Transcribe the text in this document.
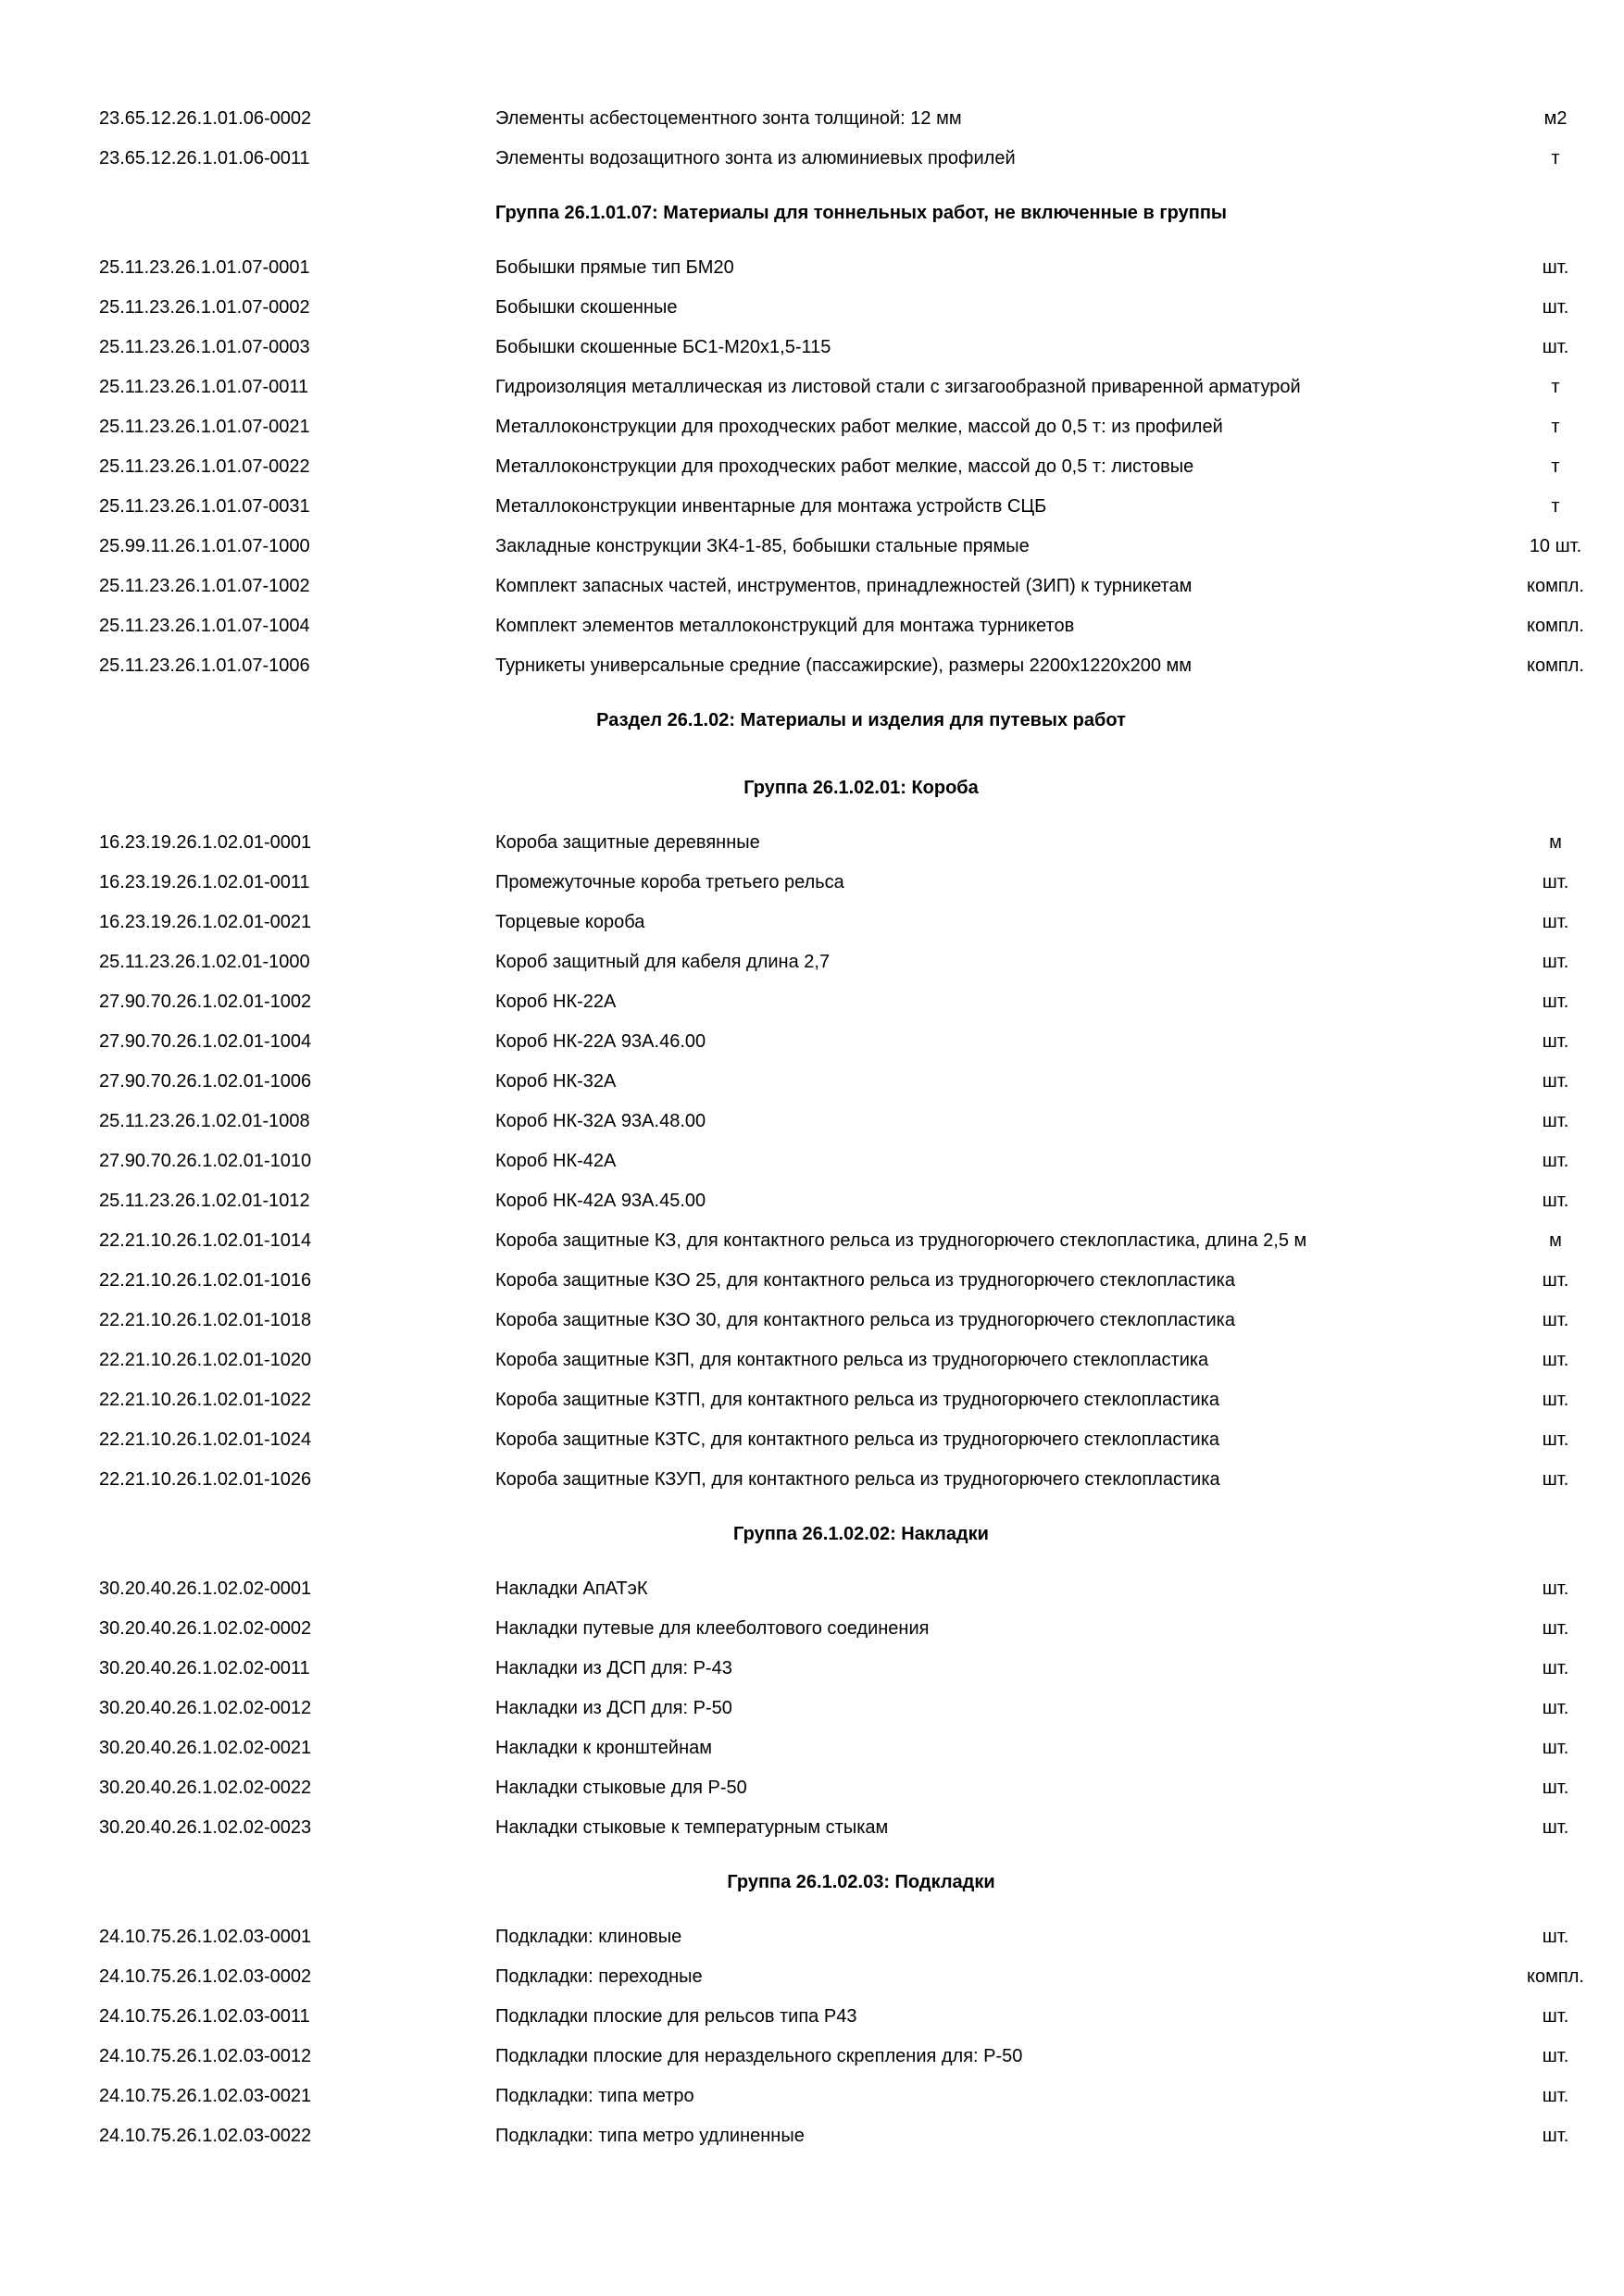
23.65.12.26.1.01.06-0002	Элементы асбестоцементного зонта толщиной: 12 мм	м2
23.65.12.26.1.01.06-0011	Элементы водозащитного зонта из алюминиевых профилей	т
Группа 26.1.01.07: Материалы для тоннельных работ, не включенные в группы
25.11.23.26.1.01.07-0001	Бобышки прямые тип БМ20	шт.
25.11.23.26.1.01.07-0002	Бобышки скошенные	шт.
25.11.23.26.1.01.07-0003	Бобышки скошенные БС1-М20х1,5-115	шт.
25.11.23.26.1.01.07-0011	Гидроизоляция металлическая из листовой стали с зигзагообразной приваренной арматурой	т
25.11.23.26.1.01.07-0021	Металлоконструкции для проходческих работ мелкие, массой до 0,5 т: из профилей	т
25.11.23.26.1.01.07-0022	Металлоконструкции для проходческих работ мелкие, массой до 0,5 т: листовые	т
25.11.23.26.1.01.07-0031	Металлоконструкции инвентарные для монтажа устройств СЦБ	т
25.99.11.26.1.01.07-1000	Закладные конструкции ЗК4-1-85, бобышки стальные прямые	10 шт.
25.11.23.26.1.01.07-1002	Комплект запасных частей, инструментов, принадлежностей (ЗИП) к турникетам	компл.
25.11.23.26.1.01.07-1004	Комплект элементов металлоконструкций для монтажа турникетов	компл.
25.11.23.26.1.01.07-1006	Турникеты универсальные средние (пассажирские), размеры 2200х1220х200 мм	компл.
Раздел 26.1.02: Материалы и изделия для путевых работ
Группа 26.1.02.01: Короба
16.23.19.26.1.02.01-0001	Короба защитные деревянные	м
16.23.19.26.1.02.01-0011	Промежуточные короба третьего рельса	шт.
16.23.19.26.1.02.01-0021	Торцевые короба	шт.
25.11.23.26.1.02.01-1000	Короб защитный для кабеля длина 2,7	шт.
27.90.70.26.1.02.01-1002	Короб НК-22А	шт.
27.90.70.26.1.02.01-1004	Короб НК-22А 93А.46.00	шт.
27.90.70.26.1.02.01-1006	Короб НК-32А	шт.
25.11.23.26.1.02.01-1008	Короб НК-32А 93А.48.00	шт.
27.90.70.26.1.02.01-1010	Короб НК-42А	шт.
25.11.23.26.1.02.01-1012	Короб НК-42А 93А.45.00	шт.
22.21.10.26.1.02.01-1014	Короба защитные КЗ, для контактного рельса из трудногорючего стеклопластика, длина 2,5 м	м
22.21.10.26.1.02.01-1016	Короба защитные КЗО 25, для контактного рельса из трудногорючего стеклопластика	шт.
22.21.10.26.1.02.01-1018	Короба защитные КЗО 30, для контактного рельса из трудногорючего стеклопластика	шт.
22.21.10.26.1.02.01-1020	Короба защитные КЗП, для контактного рельса из трудногорючего стеклопластика	шт.
22.21.10.26.1.02.01-1022	Короба защитные КЗТП, для контактного рельса из трудногорючего стеклопластика	шт.
22.21.10.26.1.02.01-1024	Короба защитные КЗТС, для контактного рельса из трудногорючего стеклопластика	шт.
22.21.10.26.1.02.01-1026	Короба защитные КЗУП, для контактного рельса из трудногорючего стеклопластика	шт.
Группа 26.1.02.02: Накладки
30.20.40.26.1.02.02-0001	Накладки АпАТэК	шт.
30.20.40.26.1.02.02-0002	Накладки путевые для клееболтового соединения	шт.
30.20.40.26.1.02.02-0011	Накладки из ДСП для: Р-43	шт.
30.20.40.26.1.02.02-0012	Накладки из ДСП для: Р-50	шт.
30.20.40.26.1.02.02-0021	Накладки к кронштейнам	шт.
30.20.40.26.1.02.02-0022	Накладки стыковые для Р-50	шт.
30.20.40.26.1.02.02-0023	Накладки стыковые к температурным стыкам	шт.
Группа 26.1.02.03: Подкладки
24.10.75.26.1.02.03-0001	Подкладки: клиновые	шт.
24.10.75.26.1.02.03-0002	Подкладки: переходные	компл.
24.10.75.26.1.02.03-0011	Подкладки плоские для рельсов типа Р43	шт.
24.10.75.26.1.02.03-0012	Подкладки плоские для нераздельного скрепления для: Р-50	шт.
24.10.75.26.1.02.03-0021	Подкладки: типа метро	шт.
24.10.75.26.1.02.03-0022	Подкладки: типа метро удлиненные	шт.
